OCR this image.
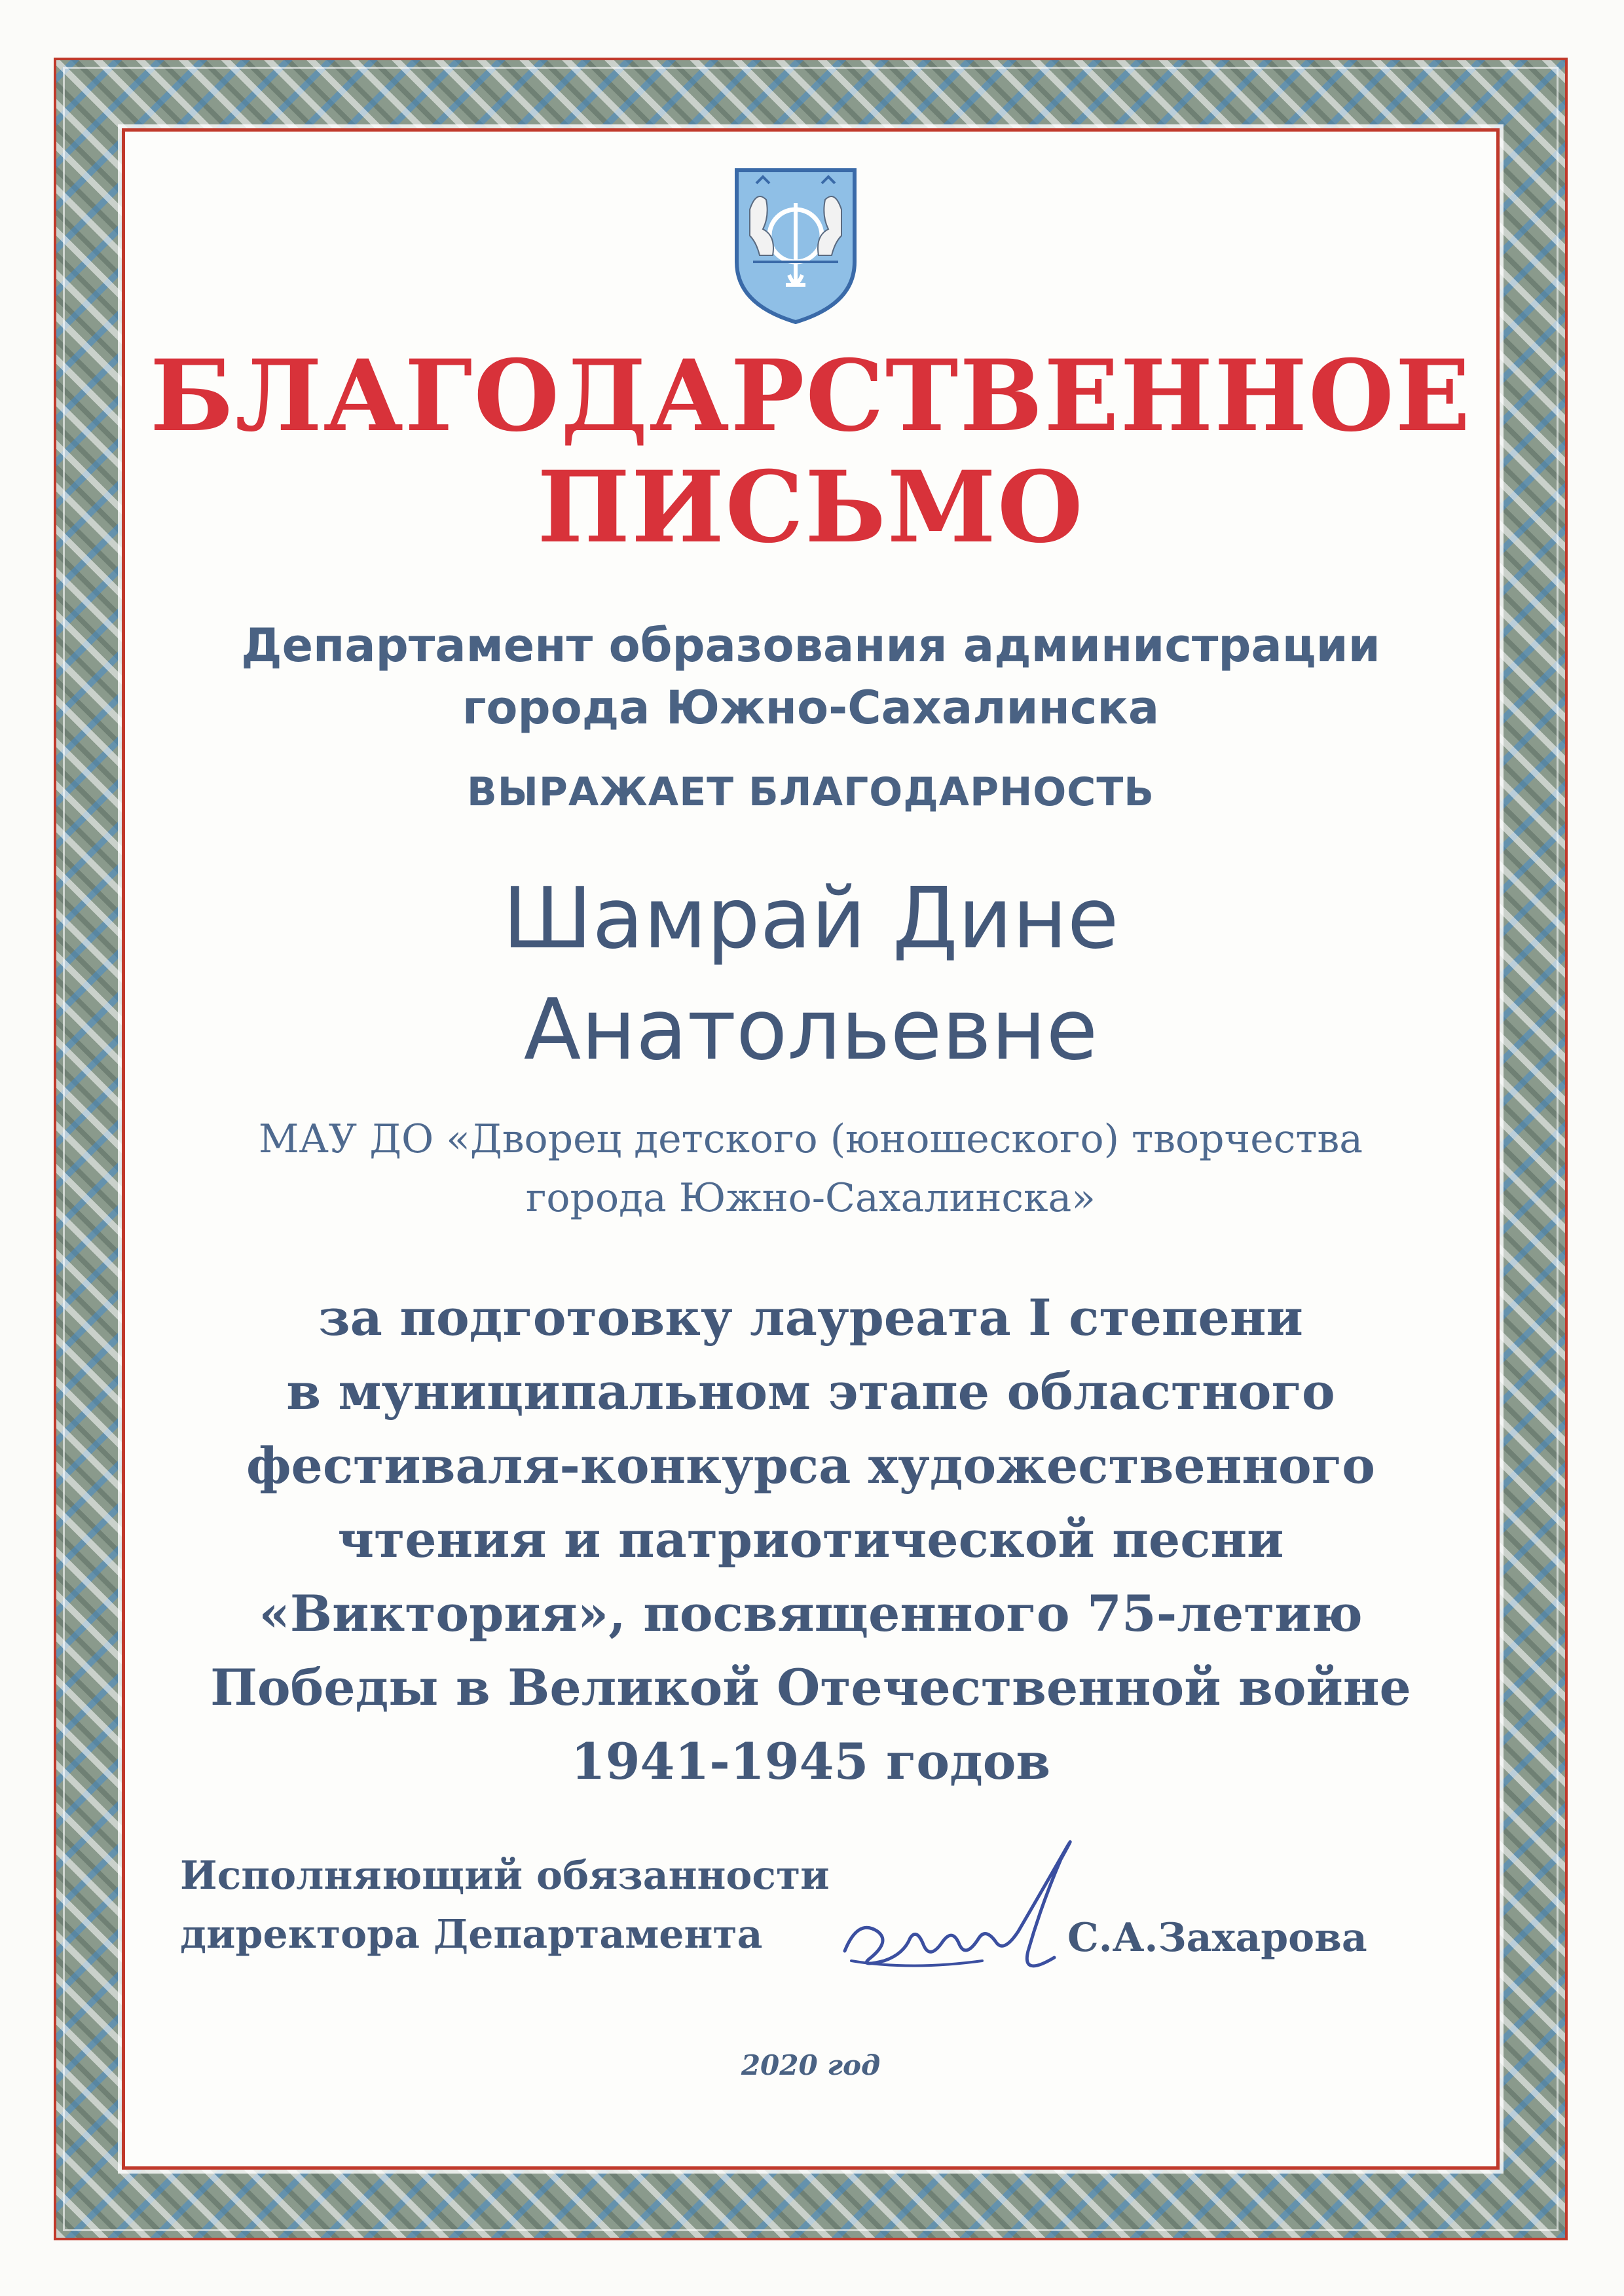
БЛАГОДАРСТВЕННОЕ
ПИСЬМО

Департамент образования администрации

города Южно-Сахалинска

ВЫРАЖАЕТ БЛАГОДАРНОСТЬ

Шамрай Дине

Анатольевне

МАУ ДО «Дворец детского (юношеского) творчества

города Южно-Сахалинска»

за подготовку лауреата I степени

в муниципальном этапе областного

фестиваля-конкурса художественного

чтения и патриотической песни

«Виктория», посвященного 75-летию

Победы в Великой Отечественной войне

1941-1945 годов

Исполняющий обязанности

директора Департамента	С.А.Захарова

2020 год
